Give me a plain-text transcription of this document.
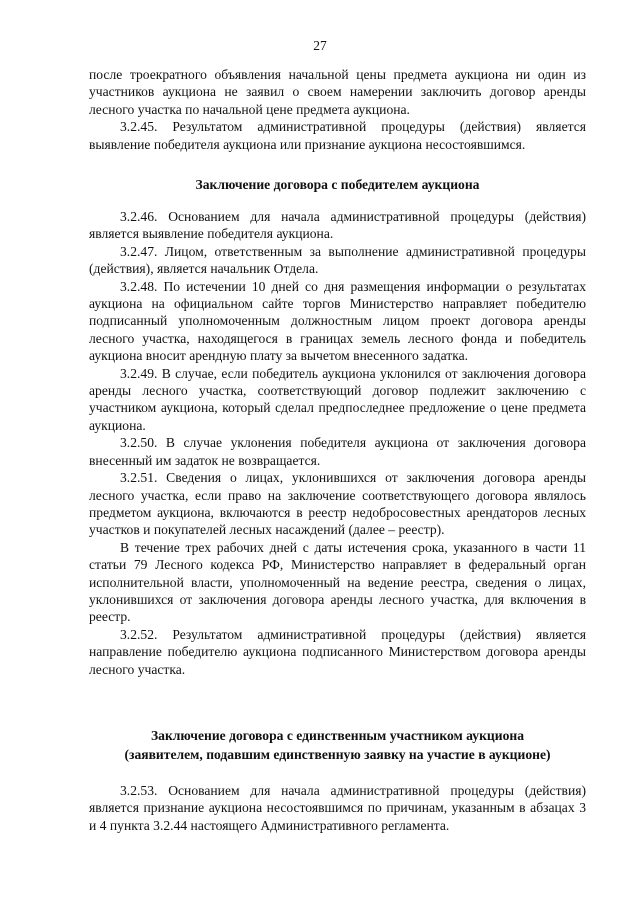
27

после троекратного объявления начальной цены предмета аукциона ни один из участников аукциона не заявил о своем намерении заключить договор аренды лесного участка по начальной цене предмета аукциона.

3.2.45. Результатом административной процедуры (действия) является выявление победителя аукциона или признание аукциона несостоявшимся.

Заключение договора с победителем аукциона

3.2.46. Основанием для начала административной процедуры (действия) является выявление победителя аукциона.

3.2.47. Лицом, ответственным за выполнение административной процедуры (действия), является начальник Отдела.

3.2.48. По истечении 10 дней со дня размещения информации о результатах аукциона на официальном сайте торгов Министерство направляет победителю подписанный уполномоченным должностным лицом проект договора аренды лесного участка, находящегося в границах земель лесного фонда и победитель аукциона вносит арендную плату за вычетом внесенного задатка.

3.2.49. В случае, если победитель аукциона уклонился от заключения договора аренды лесного участка, соответствующий договор подлежит заключению с участником аукциона, который сделал предпоследнее предложение о цене предмета аукциона.

3.2.50. В случае уклонения победителя аукциона от заключения договора внесенный им задаток не возвращается.

3.2.51. Сведения о лицах, уклонившихся от заключения договора аренды лесного участка, если право на заключение соответствующего договора являлось предметом аукциона, включаются в реестр недобросовестных арендаторов лесных участков и покупателей лесных насаждений (далее – реестр).

В течение трех рабочих дней с даты истечения срока, указанного в части 11 статьи 79 Лесного кодекса РФ, Министерство направляет в федеральный орган исполнительной власти, уполномоченный на ведение реестра, сведения о лицах, уклонившихся от заключения договора аренды лесного участка, для включения в реестр.

3.2.52. Результатом административной процедуры (действия) является направление победителю аукциона подписанного Министерством договора аренды лесного участка.

Заключение договора с единственным участником аукциона

(заявителем, подавшим единственную заявку на участие в аукционе)

3.2.53. Основанием для начала административной процедуры (действия) является признание аукциона несостоявшимся по причинам, указанным в абзацах 3 и 4 пункта 3.2.44 настоящего Административного регламента.
